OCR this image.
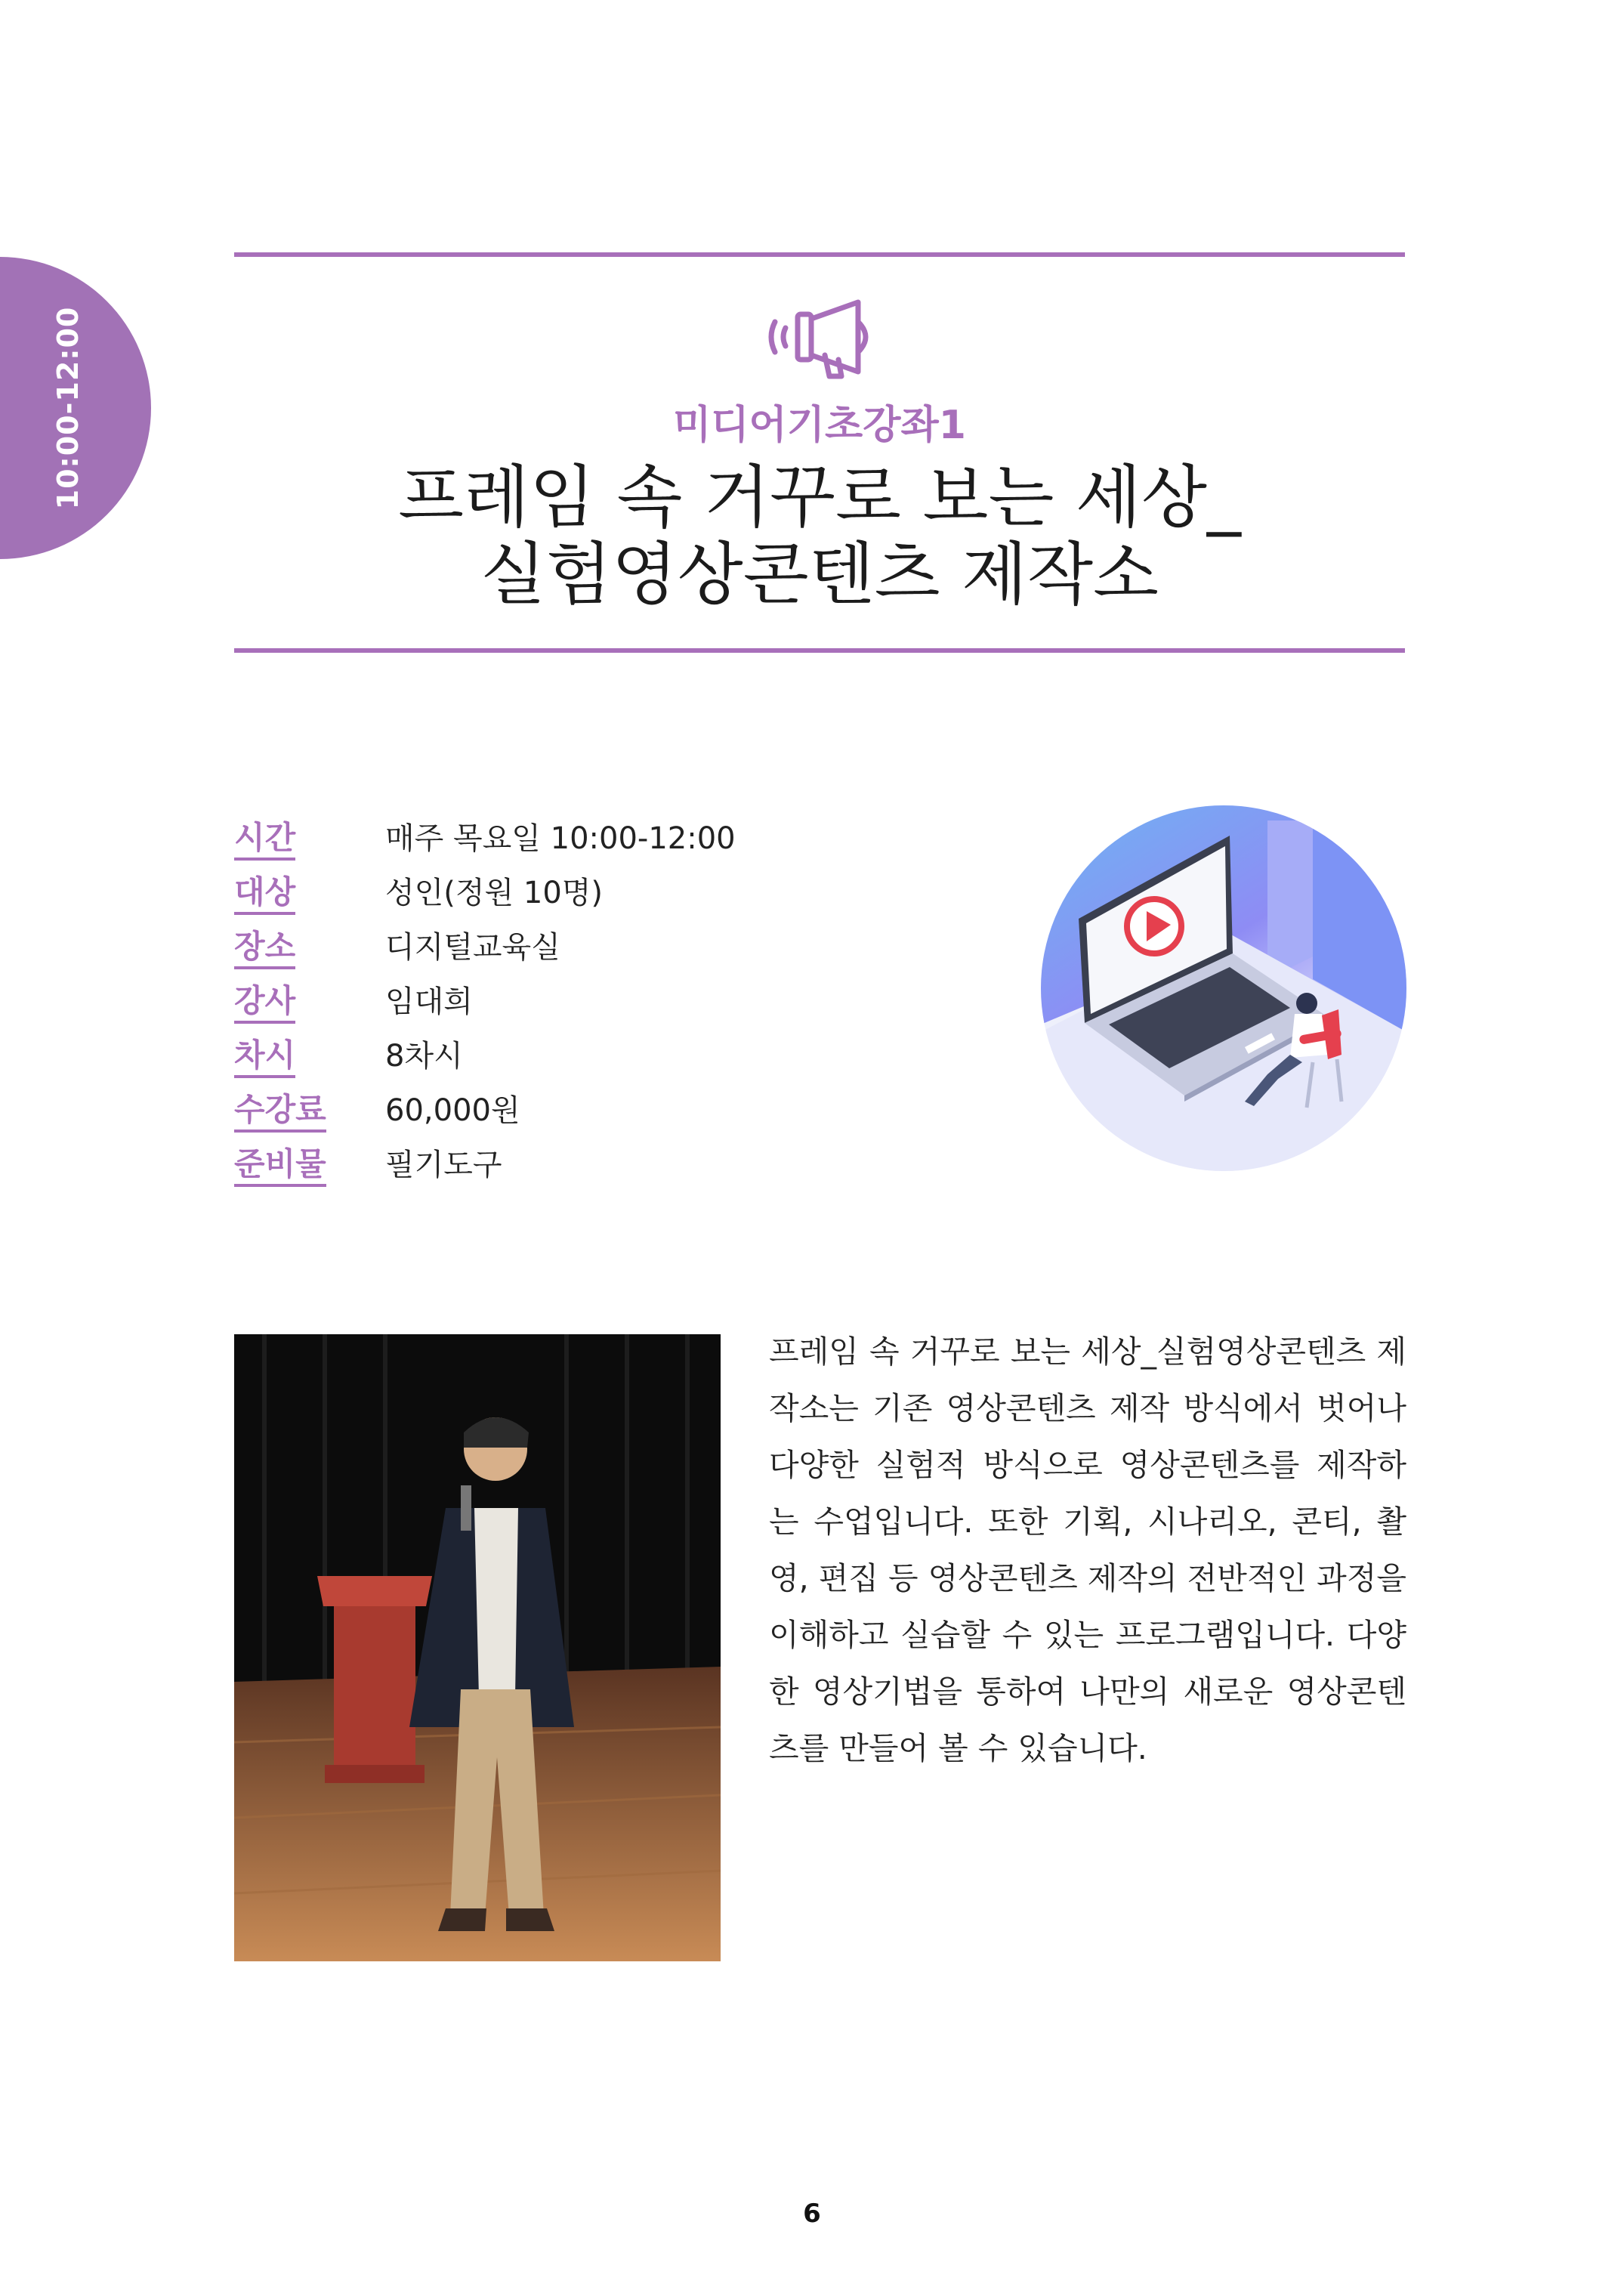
10:00-12:00	미디어기초강좌1
프레임 속 거꾸로 보는 세상_
실험영상콘텐츠 제작소
시간	매주 목요일 10:00-12:00
대상	성인(정원 10명)
장소	디지털교육실
강사	임대희
차시	8차시
수강료	60,000원
준비물	필기도구
프레임 속 거꾸로 보는 세상_실험영상콘텐츠 제작소는 기존 영상콘텐츠 제작 방식에서 벗어나 다양한 실험적 방식으로 영상콘텐츠를 제작하는 수업입니다. 또한 기획, 시나리오, 콘티, 촬영, 편집 등 영상콘텐츠 제작의 전반적인 과정을 이해하고 실습할 수 있는 프로그램입니다. 다양한 영상기법을 통하여 나만의 새로운 영상콘텐츠를 만들어 볼 수 있습니다.
6
